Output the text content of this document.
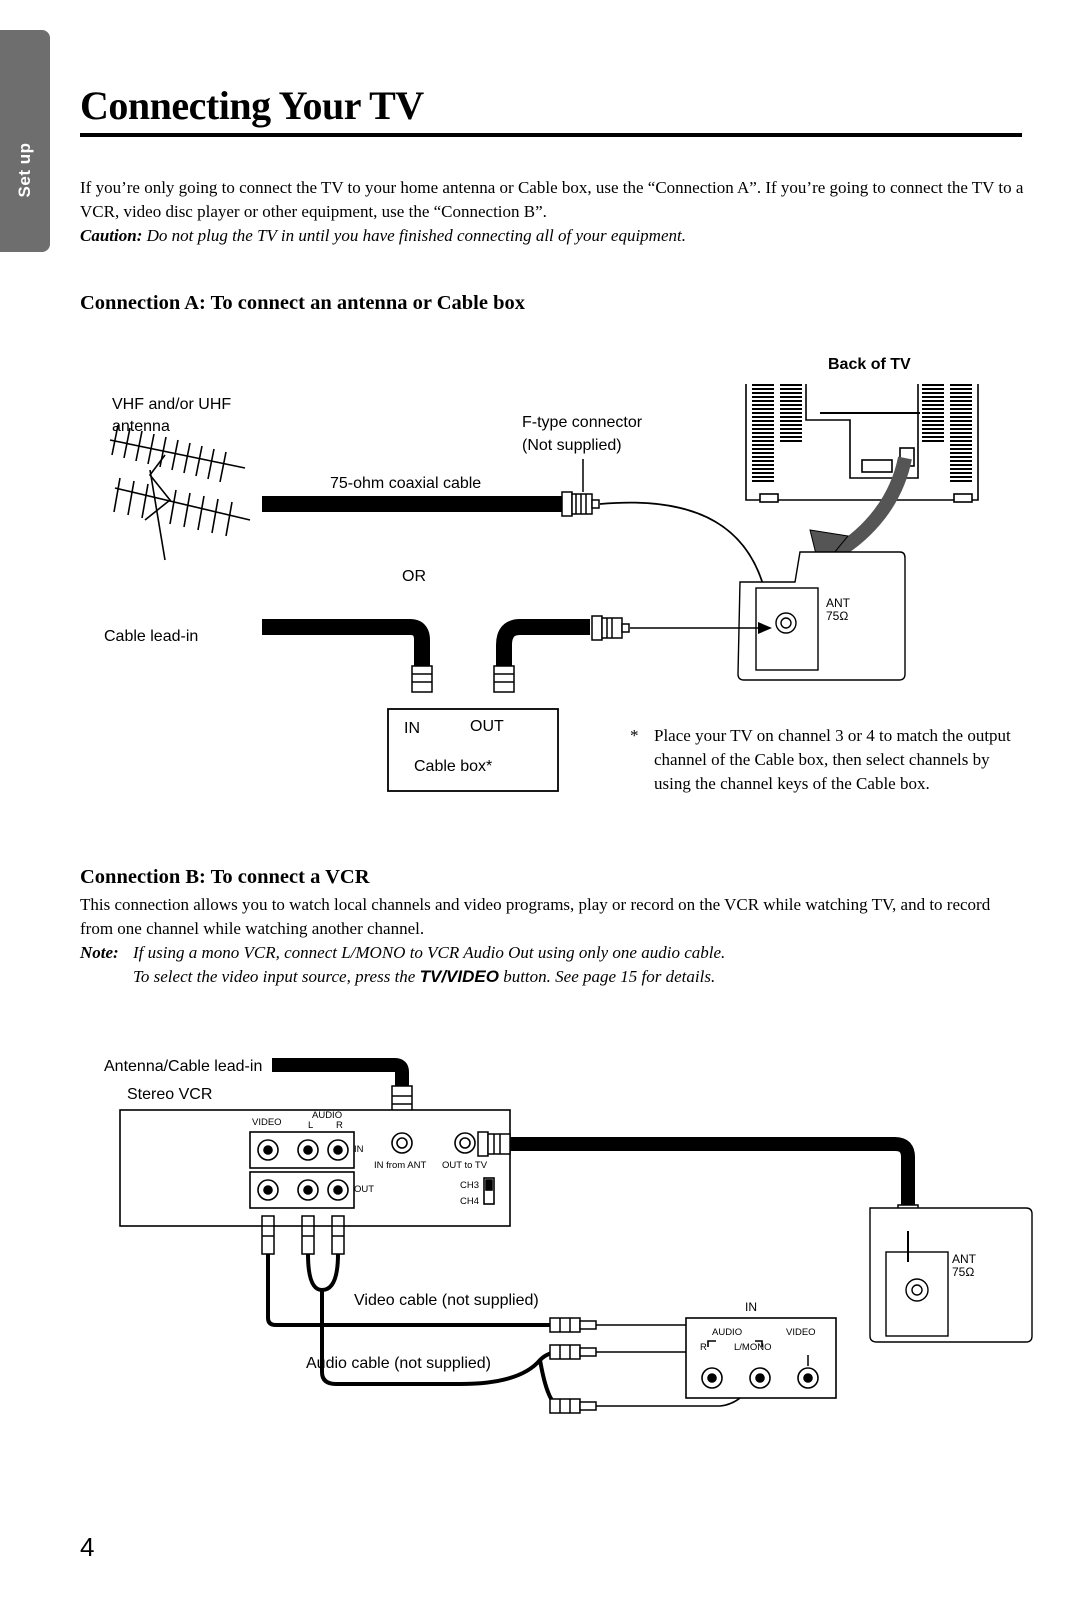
Set up
Connecting Your TV

If you’re only going to connect the TV to your home antenna or Cable box, use the “Connection A”. If you’re going to connect the TV to a VCR, video disc player or other equipment, use the “Connection B”.

Caution: Do not plug the TV in until you have finished connecting all of your equipment.

Connection A: To connect an antenna or Cable box
Back of TV
VHF and/or UHF
antenna	F-type connector
(Not supplied)
75-ohm coaxial cable
OR
Cable lead-in
IN	OUT
Cable box*
ANT
75Ω
* Place your TV on channel 3 or 4 to match the output channel of the Cable box, then select channels by using the channel keys of the Cable box.
Connection B: To connect a VCR

This connection allows you to watch local channels and video programs, play or record on the VCR while watching TV, and to record from one channel while watching another channel.

Note: If using a mono VCR, connect L/MONO to VCR Audio Out using only one audio cable.
To select the video input source, press the TV/VIDEO button. See page 15 for details.
Antenna/Cable lead-in
Stereo VCR
VIDEO
AUDIO
L R
IN
OUT
IN from ANT OUT to TV
CH3
CH4
Video cable (not supplied)
Audio cable (not supplied)
IN
AUDIO
R	L/MONO
VIDEO
ANT
75Ω
4
